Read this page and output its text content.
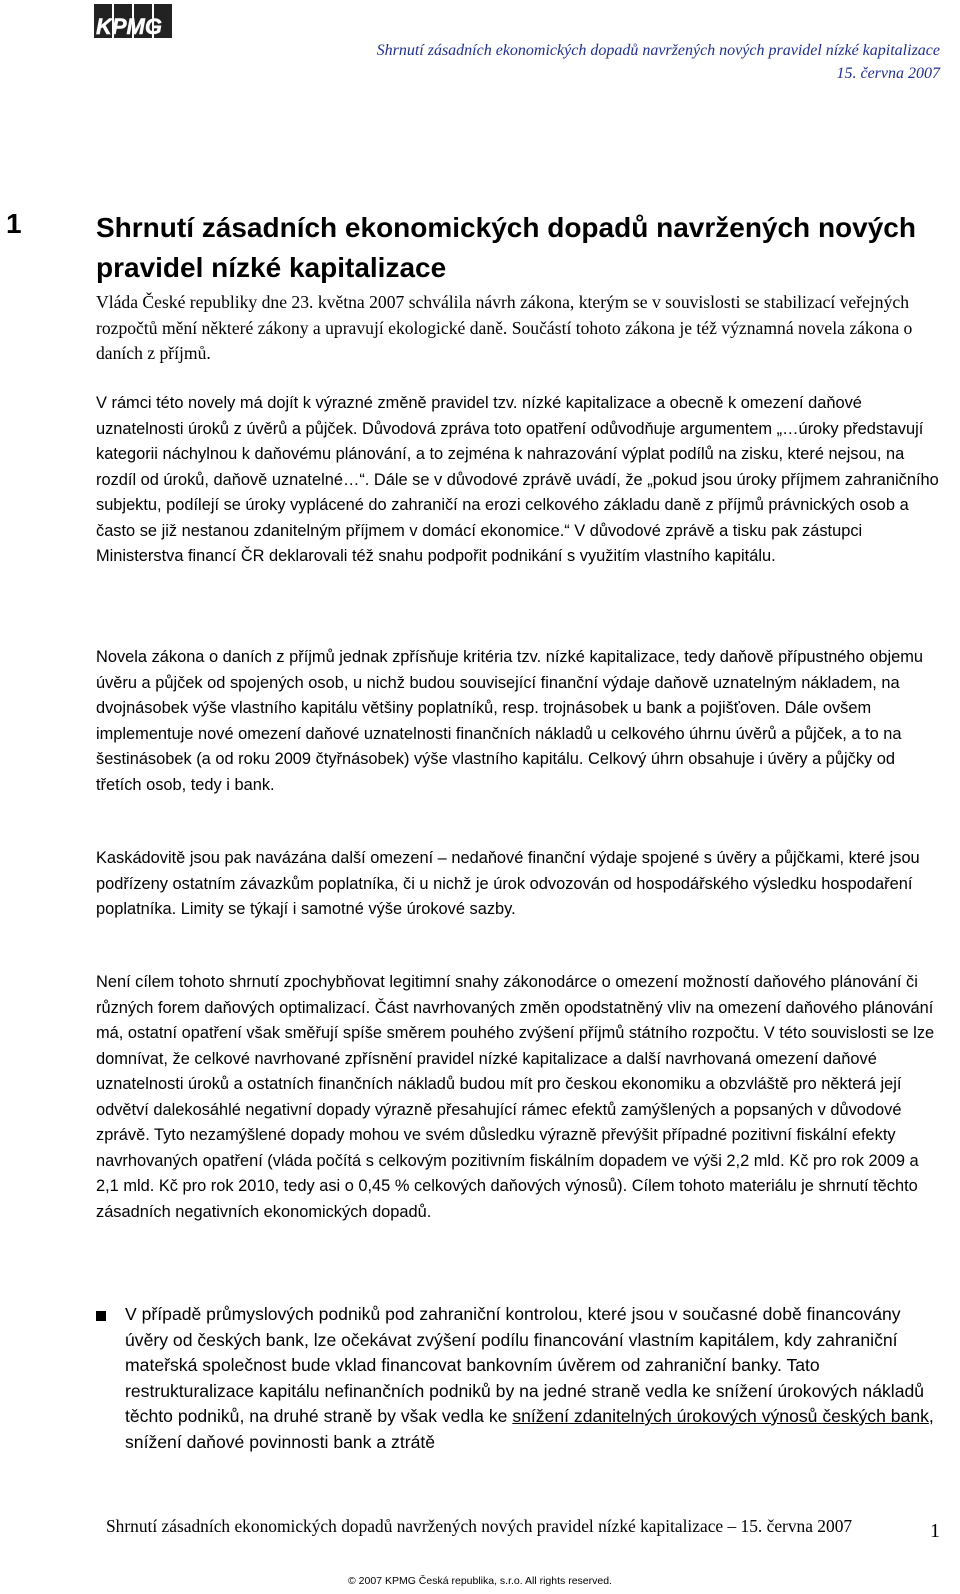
KPMG
Shrnutí zásadních ekonomických dopadů navržených nových pravidel nízké kapitalizace
15. června 2007
1	Shrnutí zásadních ekonomických dopadů navržených nových pravidel nízké kapitalizace

Vláda České republiky dne 23. května 2007 schválila návrh zákona, kterým se v souvislosti se stabilizací veřejných rozpočtů mění některé zákony a upravují ekologické daně. Součástí tohoto zákona je též významná novela zákona o daních z příjmů.

V rámci této novely má dojít k výrazné změně pravidel tzv. nízké kapitalizace a obecně k omezení daňové uznatelnosti úroků z úvěrů a půjček. Důvodová zpráva toto opatření odůvodňuje argumentem „…úroky představují kategorii náchylnou k daňovému plánování, a to zejména k nahrazování výplat podílů na zisku, které nejsou, na rozdíl od úroků, daňově uznatelné…“. Dále se v důvodové zprávě uvádí, že „pokud jsou úroky příjmem zahraničního subjektu, podílejí se úroky vyplácené do zahraničí na erozi celkového základu daně z příjmů právnických osob a často se již nestanou zdanitelným příjmem v domácí ekonomice.“ V důvodové zprávě a tisku pak zástupci Ministerstva financí ČR deklarovali též snahu podpořit podnikání s využitím vlastního kapitálu.

Novela zákona o daních z příjmů jednak zpřísňuje kritéria tzv. nízké kapitalizace, tedy daňově přípustného objemu úvěru a půjček od spojených osob, u nichž budou související finanční výdaje daňově uznatelným nákladem, na dvojnásobek výše vlastního kapitálu většiny poplatníků, resp. trojnásobek u bank a pojišťoven. Dále ovšem implementuje nové omezení daňové uznatelnosti finančních nákladů u celkového úhrnu úvěrů a půjček, a to na šestinásobek (a od roku 2009 čtyřnásobek) výše vlastního kapitálu. Celkový úhrn obsahuje i úvěry a půjčky od třetích osob, tedy i bank.

Kaskádovitě jsou pak navázána další omezení – nedaňové finanční výdaje spojené s úvěry a půjčkami, které jsou podřízeny ostatním závazkům poplatníka, či u nichž je úrok odvozován od hospodářského výsledku hospodaření poplatníka. Limity se týkají i samotné výše úrokové sazby.

Není cílem tohoto shrnutí zpochybňovat legitimní snahy zákonodárce o omezení možností daňového plánování či různých forem daňových optimalizací. Část navrhovaných změn opodstatněný vliv na omezení daňového plánování má, ostatní opatření však směřují spíše směrem pouhého zvýšení příjmů státního rozpočtu. V této souvislosti se lze domnívat, že celkové navrhované zpřísnění pravidel nízké kapitalizace a další navrhovaná omezení daňové uznatelnosti úroků a ostatních finančních nákladů budou mít pro českou ekonomiku a obzvláště pro některá její odvětví dalekosáhlé negativní dopady výrazně přesahující rámec efektů zamýšlených a popsaných v důvodové zprávě. Tyto nezamýšlené dopady mohou ve svém důsledku výrazně převýšit případné pozitivní fiskální efekty navrhovaných opatření (vláda počítá s celkovým pozitivním fiskálním dopadem ve výši 2,2 mld. Kč pro rok 2009 a 2,1 mld. Kč pro rok 2010, tedy asi o 0,45 % celkových daňových výnosů). Cílem tohoto materiálu je shrnutí těchto zásadních negativních ekonomických dopadů.

V případě průmyslových podniků pod zahraniční kontrolou, které jsou v současné době financovány úvěry od českých bank, lze očekávat zvýšení podílu financování vlastním kapitálem, kdy zahraniční mateřská společnost bude vklad financovat bankovním úvěrem od zahraniční banky. Tato restrukturalizace kapitálu nefinančních podniků by na jedné straně vedla ke snížení úrokových nákladů těchto podniků, na druhé straně by však vedla ke snížení zdanitelných úrokových výnosů českých bank, snížení daňové povinnosti bank a ztrátě

Shrnutí zásadních ekonomických dopadů navržených nových pravidel nízké kapitalizace – 15. června 2007	1
© 2007 KPMG Česká republika, s.r.o. All rights reserved.
